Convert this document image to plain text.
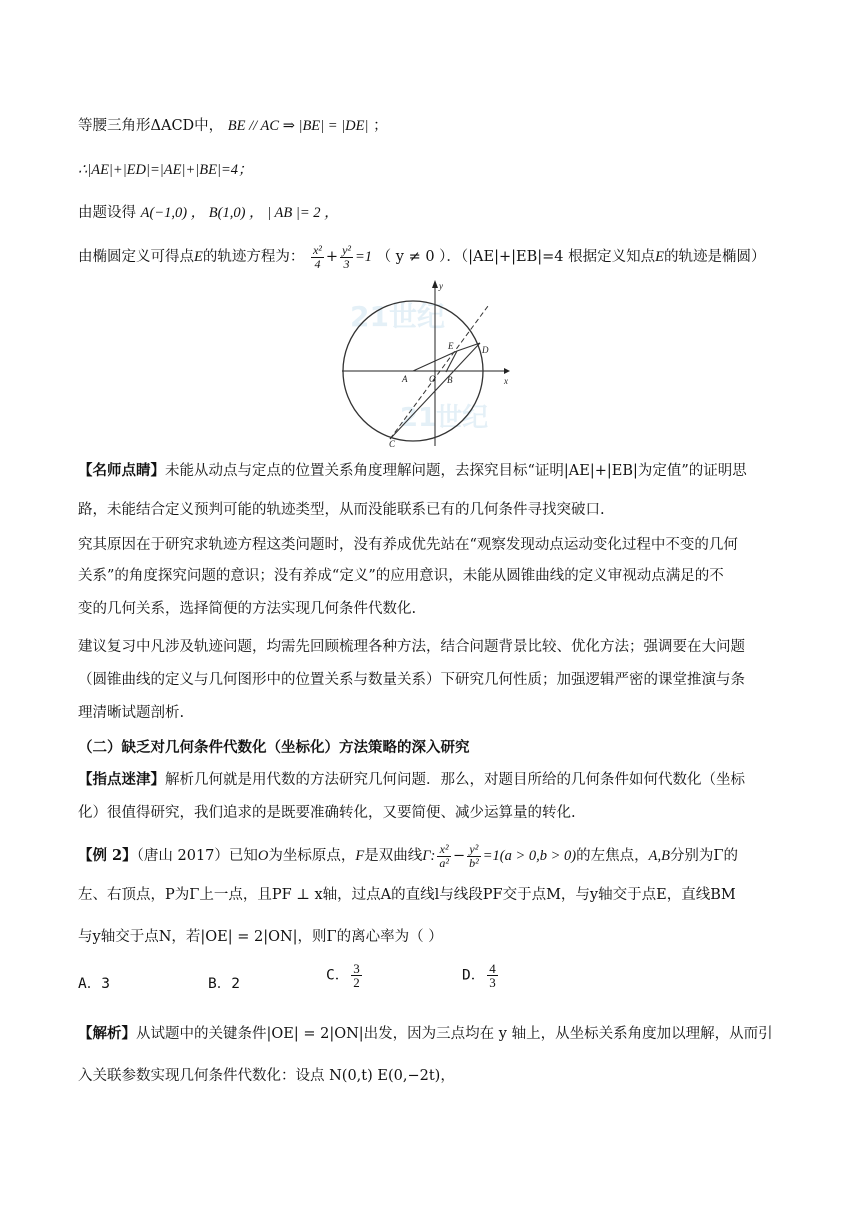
等腰三角形ΔACD中， BE // AC ⇒ |BE| = |DE| ；
∴|AE|+|ED|=|AE|+|BE|=4；
由题设得 A(−1,0) ， B(1,0) ， | AB |= 2 ，
由椭圆定义可得点E的轨迹方程为： $\frac{\text{x²}}{4} + \frac{\text{y²}}{3} =1$ （ y ≠ 0 ）．（|AE|+|EB|=4 根据定义知点E的轨迹是椭圆）
21世纪
21世纪
y
x
A O B
E	D
C
【名师点睛】未能从动点与定点的位置关系角度理解问题，去探究目标“证明|AE|+|EB|为定值”的证明思
路，未能结合定义预判可能的轨迹类型，从而没能联系已有的几何条件寻找突破口.
究其原因在于研究求轨迹方程这类问题时，没有养成优先站在“观察发现动点运动变化过程中不变的几何
关系”的角度探究问题的意识；没有养成“定义”的应用意识，未能从圆锥曲线的定义审视动点满足的不
变的几何关系，选择简便的方法实现几何条件代数化.
建议复习中凡涉及轨迹问题，均需先回顾梳理各种方法，结合问题背景比较、优化方法；强调要在大问题
（圆锥曲线的定义与几何图形中的位置关系与数量关系）下研究几何性质；加强逻辑严密的课堂推演与条
理清晰试题剖析.
（二）缺乏对几何条件代数化（坐标化）方法策略的深入研究
【指点迷津】解析几何就是用代数的方法研究几何问题．那么，对题目所给的几何条件如何代数化（坐标
化）很值得研究，我们追求的是既要准确转化，又要简便、减少运算量的转化.
【例 2】（唐山 2017）已知O为坐标原点，F是双曲线Γ: $\frac{\text{x²}}{\text{a²}} - \frac{\text{y²}}{\text{b²}} =1(a > 0,b > 0)$的左焦点，A,B分别为Γ的
左、右顶点，P为Γ上一点，且PF ⊥ x轴，过点A的直线l与线段PF交于点M，与y轴交于点E，直线BM
与y轴交于点N，若|OE| = 2|ON|，则Γ的离心率为（ ）
A．3	B．2
C． $\frac{3}{2}$	D． $\frac{4}{3}$
【解析】从试题中的关键条件|OE| = 2|ON|出发，因为三点均在 y 轴上，从坐标关系角度加以理解，从而引
入关联参数实现几何条件代数化：设点 N(0,t) E(0,−2t)，
